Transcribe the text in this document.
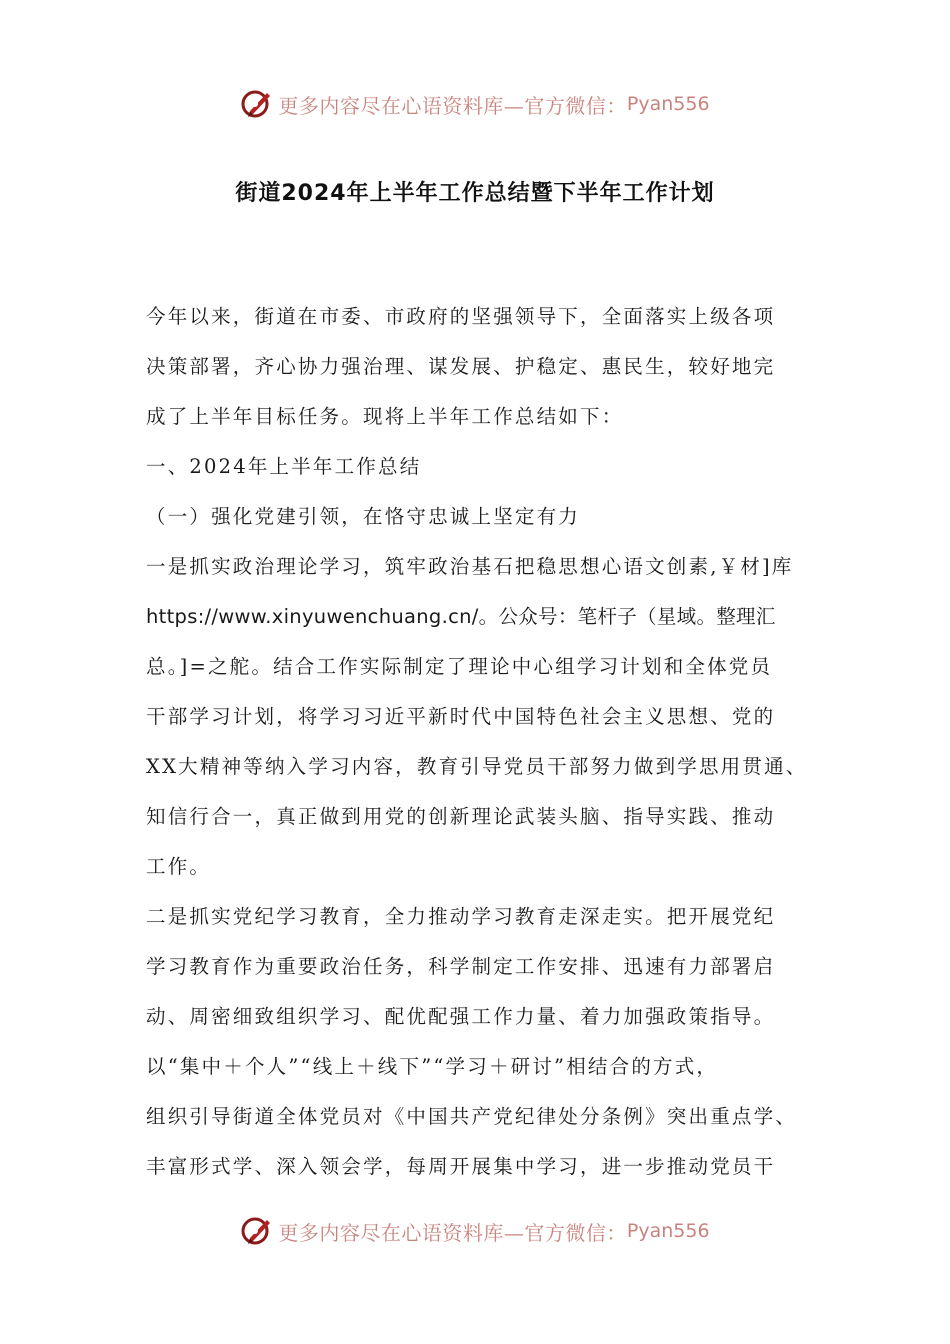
更多内容尽在心语资料库—官方微信： Pyan556
街道2024年上半年工作总结暨下半年工作计划
今年以来，街道在市委、市政府的坚强领导下，全面落实上级各项
决策部署，齐心协力强治理、谋发展、护稳定、惠民生，较好地完
成了上半年目标任务。现将上半年工作总结如下：
一、2024年上半年工作总结
（一）强化党建引领，在恪守忠诚上坚定有力
一是抓实政治理论学习，筑牢政治基石把稳思想心语文创素,￥材]库
https://www.xinyuwenchuang.cn/。公众号：笔杆子（星域。整理汇
总。]=之舵。结合工作实际制定了理论中心组学习计划和全体党员
干部学习计划，将学习习近平新时代中国特色社会主义思想、党的
XX大精神等纳入学习内容，教育引导党员干部努力做到学思用贯通、
知信行合一，真正做到用党的创新理论武装头脑、指导实践、推动
工作。
二是抓实党纪学习教育，全力推动学习教育走深走实。把开展党纪
学习教育作为重要政治任务，科学制定工作安排、迅速有力部署启
动、周密细致组织学习、配优配强工作力量、着力加强政策指导。
以“集中＋个人”“线上＋线下”“学习＋研讨”相结合的方式，
组织引导街道全体党员对《中国共产党纪律处分条例》突出重点学、
丰富形式学、深入领会学，每周开展集中学习，进一步推动党员干
更多内容尽在心语资料库—官方微信： Pyan556
